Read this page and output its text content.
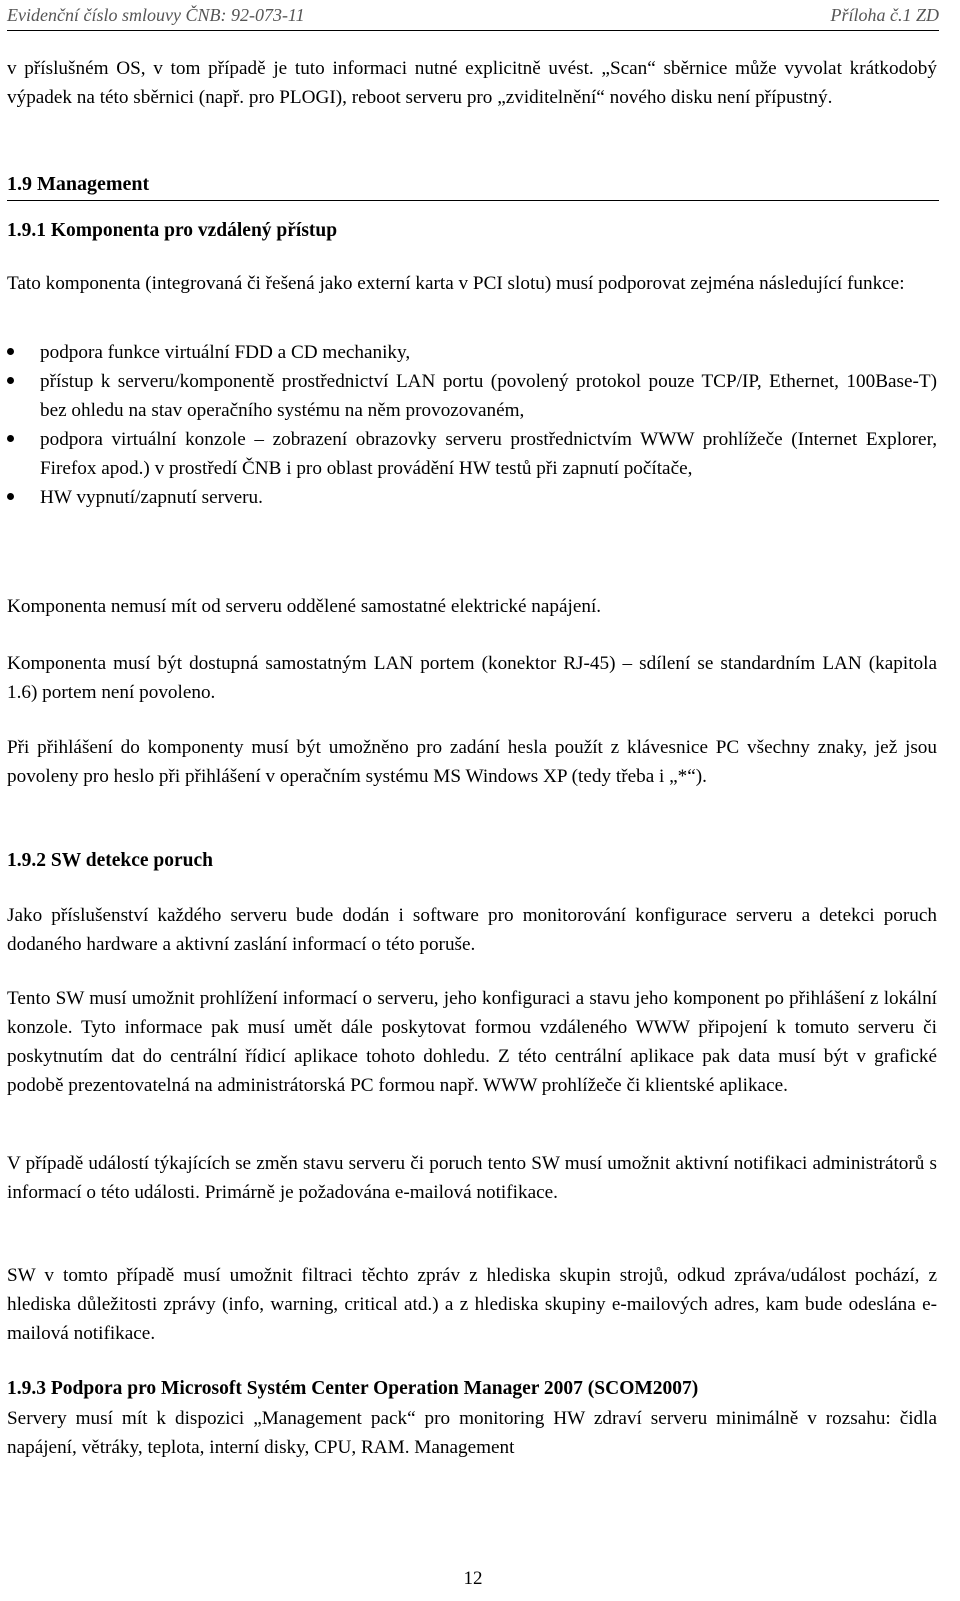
Evidenční číslo smlouvy ČNB: 92-073-11	Příloha č.1 ZD

v příslušném OS, v tom případě je tuto informaci nutné explicitně uvést. „Scan“ sběrnice může vyvolat krátkodobý výpadek na této sběrnici (např. pro PLOGI), reboot serveru pro „zviditelnění“ nového disku není přípustný.

1.9 Management
1.9.1 Komponenta pro vzdálený přístup

Tato komponenta (integrovaná či řešená jako externí karta v PCI slotu) musí podporovat zejména následující funkce:

podpora funkce virtuální FDD a CD mechaniky,
přístup k serveru/komponentě prostřednictví LAN portu (povolený protokol pouze TCP/IP, Ethernet, 100Base-T) bez ohledu na stav operačního systému na něm provozovaném,
podpora virtuální konzole – zobrazení obrazovky serveru prostřednictvím WWW prohlížeče (Internet Explorer, Firefox apod.) v prostředí ČNB i pro oblast provádění HW testů při zapnutí počítače,
HW vypnutí/zapnutí serveru.

Komponenta nemusí mít od serveru oddělené samostatné elektrické napájení.

Komponenta musí být dostupná samostatným LAN portem (konektor RJ-45) – sdílení se standardním LAN (kapitola 1.6) portem není povoleno.

Při přihlášení do komponenty musí být umožněno pro zadání hesla použít z klávesnice PC všechny znaky, jež jsou povoleny pro heslo při přihlášení v operačním systému MS Windows XP (tedy třeba i „*“).

1.9.2 SW detekce poruch

Jako příslušenství každého serveru bude dodán i software pro monitorování konfigurace serveru a detekci poruch dodaného hardware a aktivní zaslání informací o této poruše.

Tento SW musí umožnit prohlížení informací o serveru, jeho konfiguraci a stavu jeho komponent po přihlášení z lokální konzole. Tyto informace pak musí umět dále poskytovat formou vzdáleného WWW připojení k tomuto serveru či poskytnutím dat do centrální řídicí aplikace tohoto dohledu. Z této centrální aplikace pak data musí být v grafické podobě prezentovatelná na administrátorská PC formou např. WWW prohlížeče či klientské aplikace.

V případě událostí týkajících se změn stavu serveru či poruch tento SW musí umožnit aktivní notifikaci administrátorů s informací o této události. Primárně je požadována e-mailová notifikace.

SW v tomto případě musí umožnit filtraci těchto zpráv z hlediska skupin strojů, odkud zpráva/událost pochází, z hlediska důležitosti zprávy (info, warning, critical atd.) a z hlediska skupiny e-mailových adres, kam bude odeslána e-mailová notifikace.

1.9.3 Podpora pro Microsoft Systém Center Operation Manager 2007 (SCOM2007)

Servery musí mít k dispozici „Management pack“ pro monitoring HW zdraví serveru minimálně v rozsahu: čidla napájení, větráky, teplota, interní disky, CPU, RAM. Management

12
